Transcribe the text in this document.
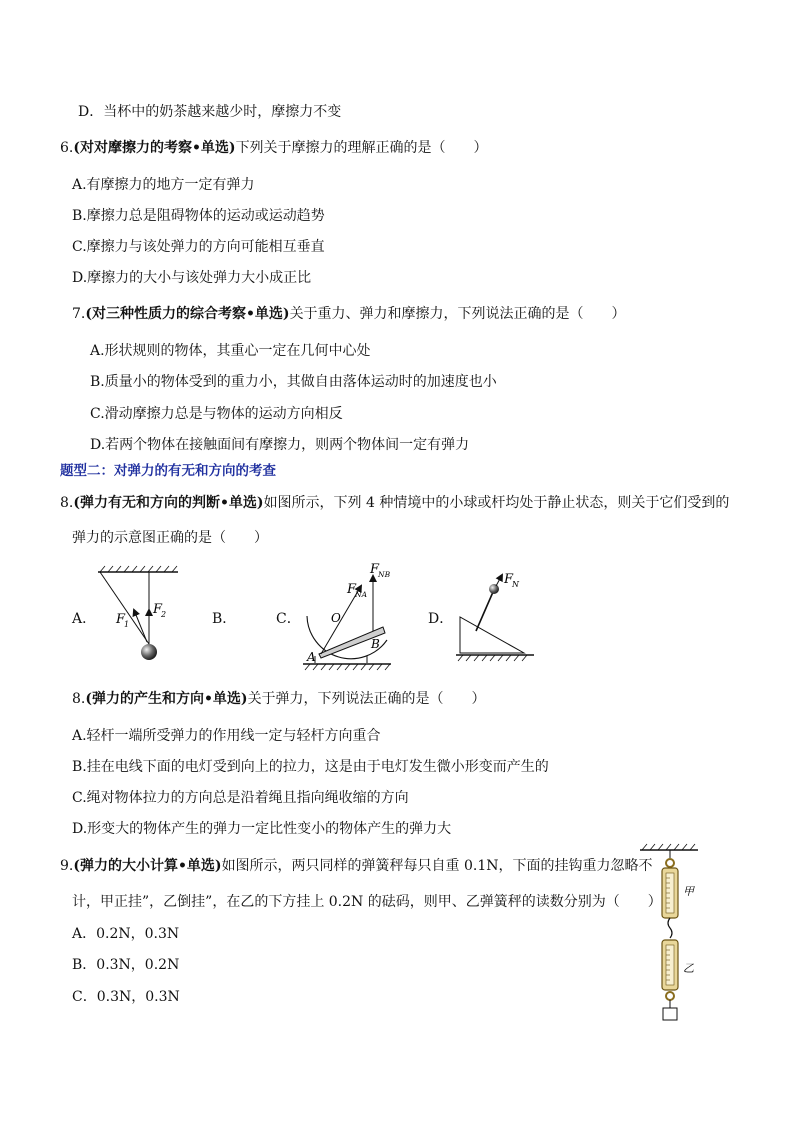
D．当杯中的奶茶越来越少时，摩擦力不变
6.(对对摩擦力的考察•单选)下列关于摩擦力的理解正确的是（　　）
A.有摩擦力的地方一定有弹力
B.摩擦力总是阻碍物体的运动或运动趋势
C.摩擦力与该处弹力的方向可能相互垂直
D.摩擦力的大小与该处弹力大小成正比
7.(对三种性质力的综合考察•单选)关于重力、弹力和摩擦力，下列说法正确的是（　　）
A.形状规则的物体，其重心一定在几何中心处
B.质量小的物体受到的重力小，其做自由落体运动时的加速度也小
C.滑动摩擦力总是与物体的运动方向相反
D.若两个物体在接触面间有摩擦力，则两个物体间一定有弹力
题型二：对弹力的有无和方向的考查
8.(弹力有无和方向的判断•单选)如图所示，下列 4 种情境中的小球或杆均处于静止状态，则关于它们受到的
弹力的示意图正确的是（　　）
A．	B．	C．	D．
F
1
F
2	O
A
B
F
NA
F
NB	F
N
8.(弹力的产生和方向•单选)关于弹力，下列说法正确的是（　　）
A.轻杆一端所受弹力的作用线一定与轻杆方向重合
B.挂在电线下面的电灯受到向上的拉力，这是由于电灯发生微小形变而产生的
C.绳对物体拉力的方向总是沿着绳且指向绳收缩的方向
D.形变大的物体产生的弹力一定比性变小的物体产生的弹力大
9.(弹力的大小计算•单选)如图所示，两只同样的弹簧秤每只自重 0.1N，下面的挂钩重力忽略不
计，甲正挂”，乙倒挂”，在乙的下方挂上 0.2N 的砝码，则甲、乙弹簧秤的读数分别为（　　）
A．0.2N，0.3N
B．0.3N，0.2N
C．0.3N，0.3N
甲
乙
